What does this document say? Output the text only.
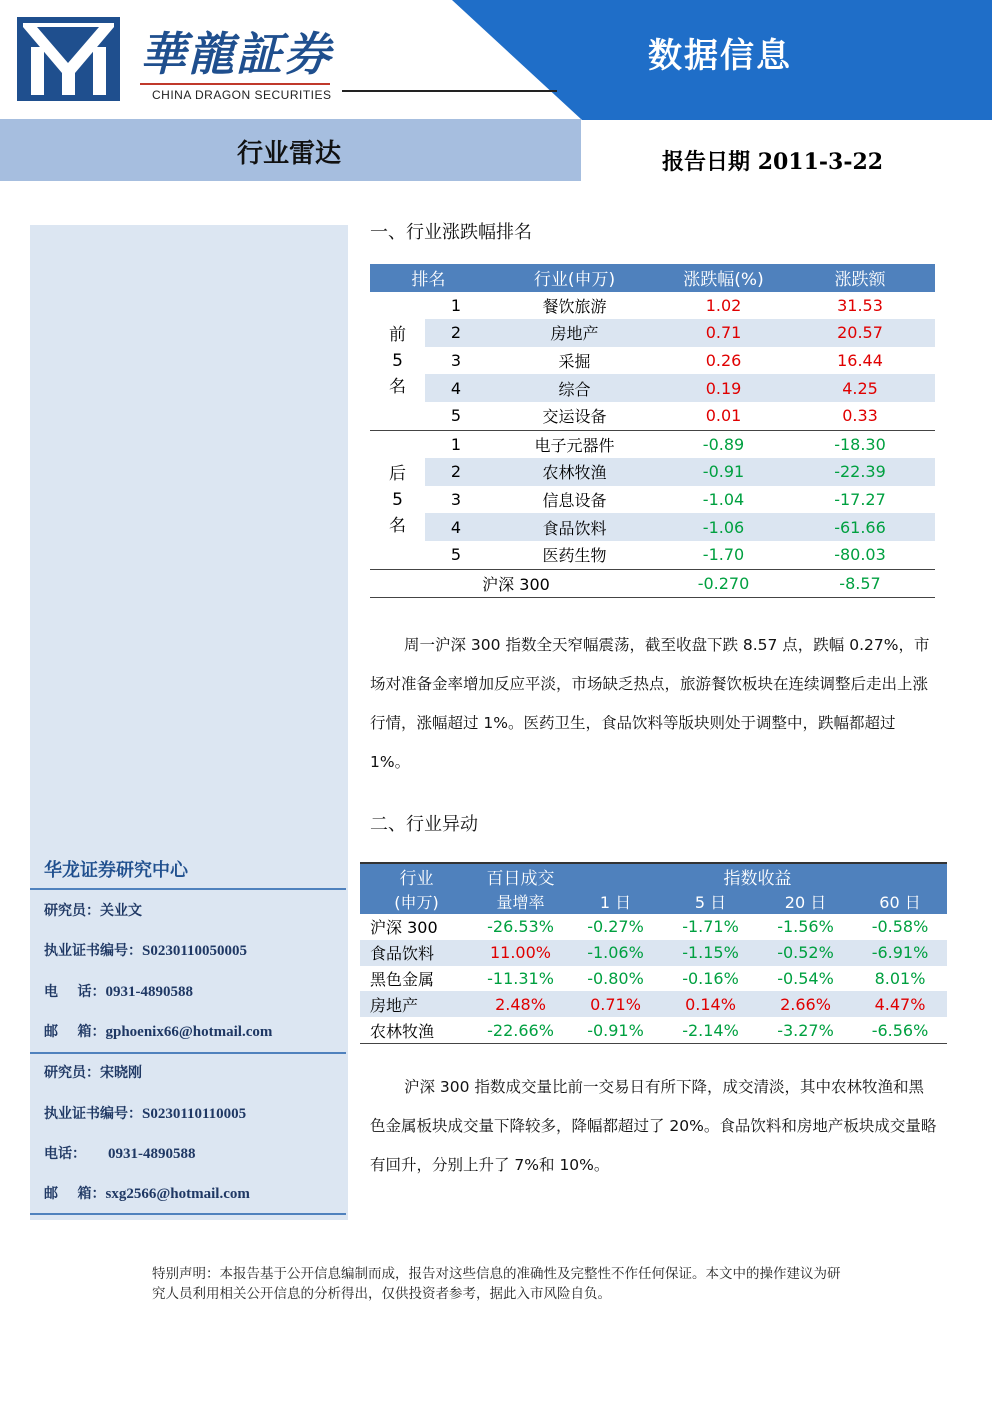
華龍証券
CHINA DRAGON SECURITIES
数据信息
行业雷达	报告日期 2011-3-22
华龙证券研究中心
研究员：关业文
执业证书编号：S0230110050005
电    话：0931-4890588
邮    箱：gphoenix66@hotmail.com
研究员：宋晓刚
执业证书编号：S0230110110005
电话： 0931-4890588
邮    箱：sxg2566@hotmail.com
一、行业涨跌幅排名
排名		行业(申万)	涨跌幅(%)	涨跌额

前
5
名	1	餐饮旅游	1.02	31.53
	2	房地产	0.71	20.57
	3	采掘	0.26	16.44
	4	综合	0.19	4.25
	5	交运设备	0.01	0.33

后
5
名	1	电子元器件	-0.89	-18.30
	2	农林牧渔	-0.91	-22.39
	3	信息设备	-1.04	-17.27
	4	食品饮料	-1.06	-61.66
	5	医药生物	-1.70	-80.03
沪深 300			-0.270	-8.57
周一沪深 300 指数全天窄幅震荡，截至收盘下跌 8.57 点，跌幅 0.27%，市场对准备金率增加反应平淡，市场缺乏热点，旅游餐饮板块在连续调整后走出上涨行情，涨幅超过 1%。医药卫生，食品饮料等版块则处于调整中，跌幅都超过 1%。
二、行业异动
行业	百日成交	指数收益			
(申万)	量增率	1 日	5 日	20 日	60 日
沪深 300	-26.53%	-0.27%	-1.71%	-1.56%	-0.58%
食品饮料	11.00%	-1.06%	-1.15%	-0.52%	-6.91%
黑色金属	-11.31%	-0.80%	-0.16%	-0.54%	8.01%
房地产	2.48%	0.71%	0.14%	2.66%	4.47%
农林牧渔	-22.66%	-0.91%	-2.14%	-3.27%	-6.56%
沪深 300 指数成交量比前一交易日有所下降，成交清淡，其中农林牧渔和黑色金属板块成交量下降较多，降幅都超过了 20%。食品饮料和房地产板块成交量略有回升，分别上升了 7%和 10%。
特别声明：本报告基于公开信息编制而成，报告对这些信息的准确性及完整性不作任何保证。本文中的操作建议为研究人员利用相关公开信息的分析得出，仅供投资者参考，据此入市风险自负。
